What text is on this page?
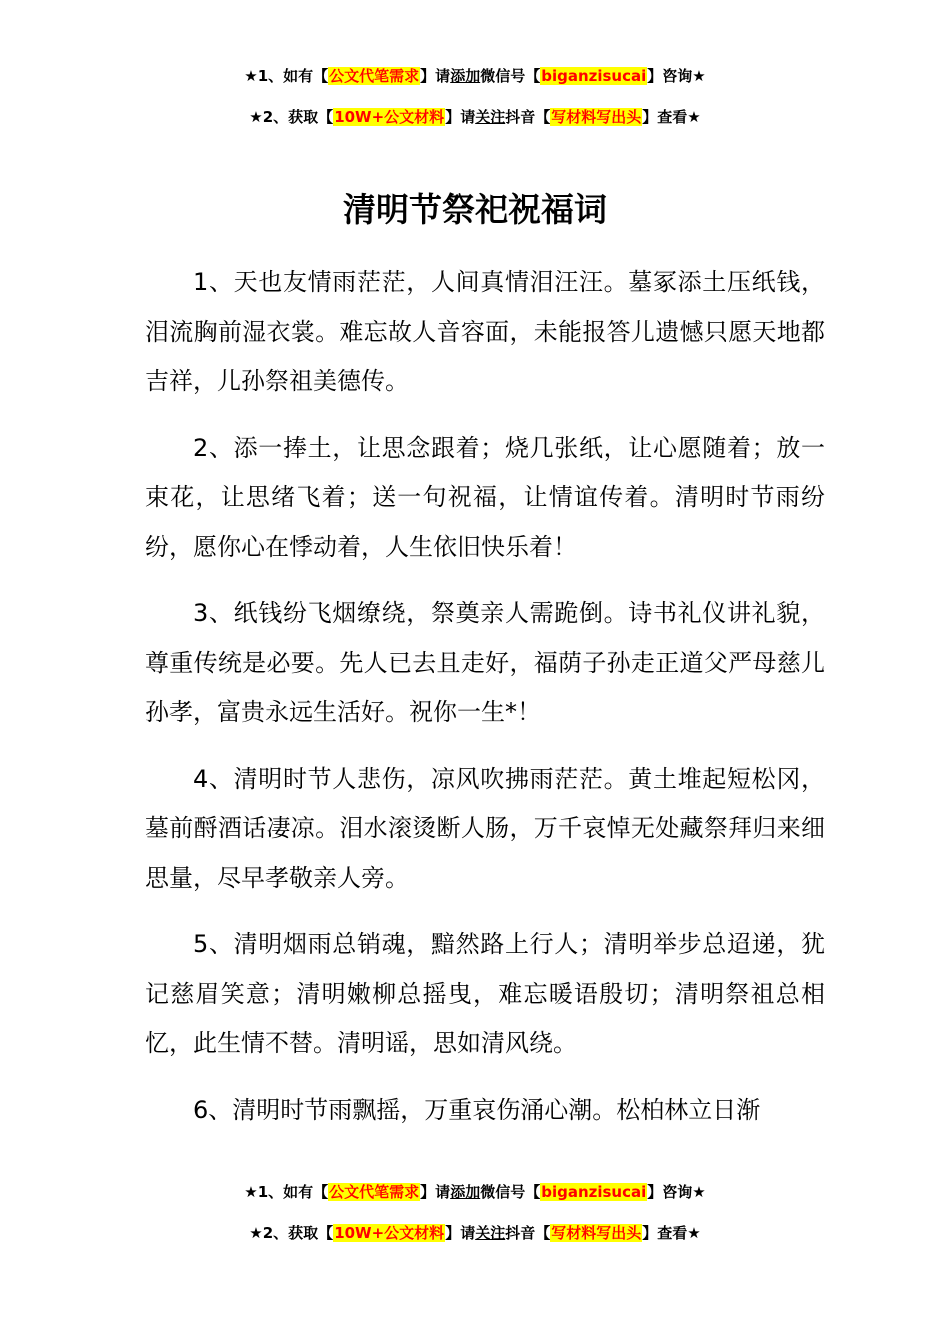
★1、如有【公文代笔需求】请添加微信号【biganzisucai】咨询★
★2、获取【10W+公文材料】请关注抖音【写材料写出头】查看★
清明节祭祀祝福词

1、天也友情雨茫茫，人间真情泪汪汪。墓冢添土压纸钱，泪流胸前湿衣裳。难忘故人音容面，未能报答儿遗憾只愿天地都吉祥，儿孙祭祖美德传。

2、添一捧土，让思念跟着；烧几张纸，让心愿随着；放一束花，让思绪飞着；送一句祝福，让情谊传着。清明时节雨纷纷，愿你心在悸动着，人生依旧快乐着！

3、纸钱纷飞烟缭绕，祭奠亲人需跪倒。诗书礼仪讲礼貌，尊重传统是必要。先人已去且走好，福荫子孙走正道父严母慈儿孙孝，富贵永远生活好。祝你一生*！

4、清明时节人悲伤，凉风吹拂雨茫茫。黄土堆起短松冈，墓前酹酒话凄凉。泪水滚烫断人肠，万千哀悼无处藏祭拜归来细思量，尽早孝敬亲人旁。

5、清明烟雨总销魂，黯然路上行人；清明举步总迢递，犹记慈眉笑意；清明嫩柳总摇曳，难忘暖语殷切；清明祭祖总相忆，此生情不替。清明谣，思如清风绕。

6、清明时节雨飘摇，万重哀伤涌心潮。松柏林立日渐

★1、如有【公文代笔需求】请添加微信号【biganzisucai】咨询★
★2、获取【10W+公文材料】请关注抖音【写材料写出头】查看★
